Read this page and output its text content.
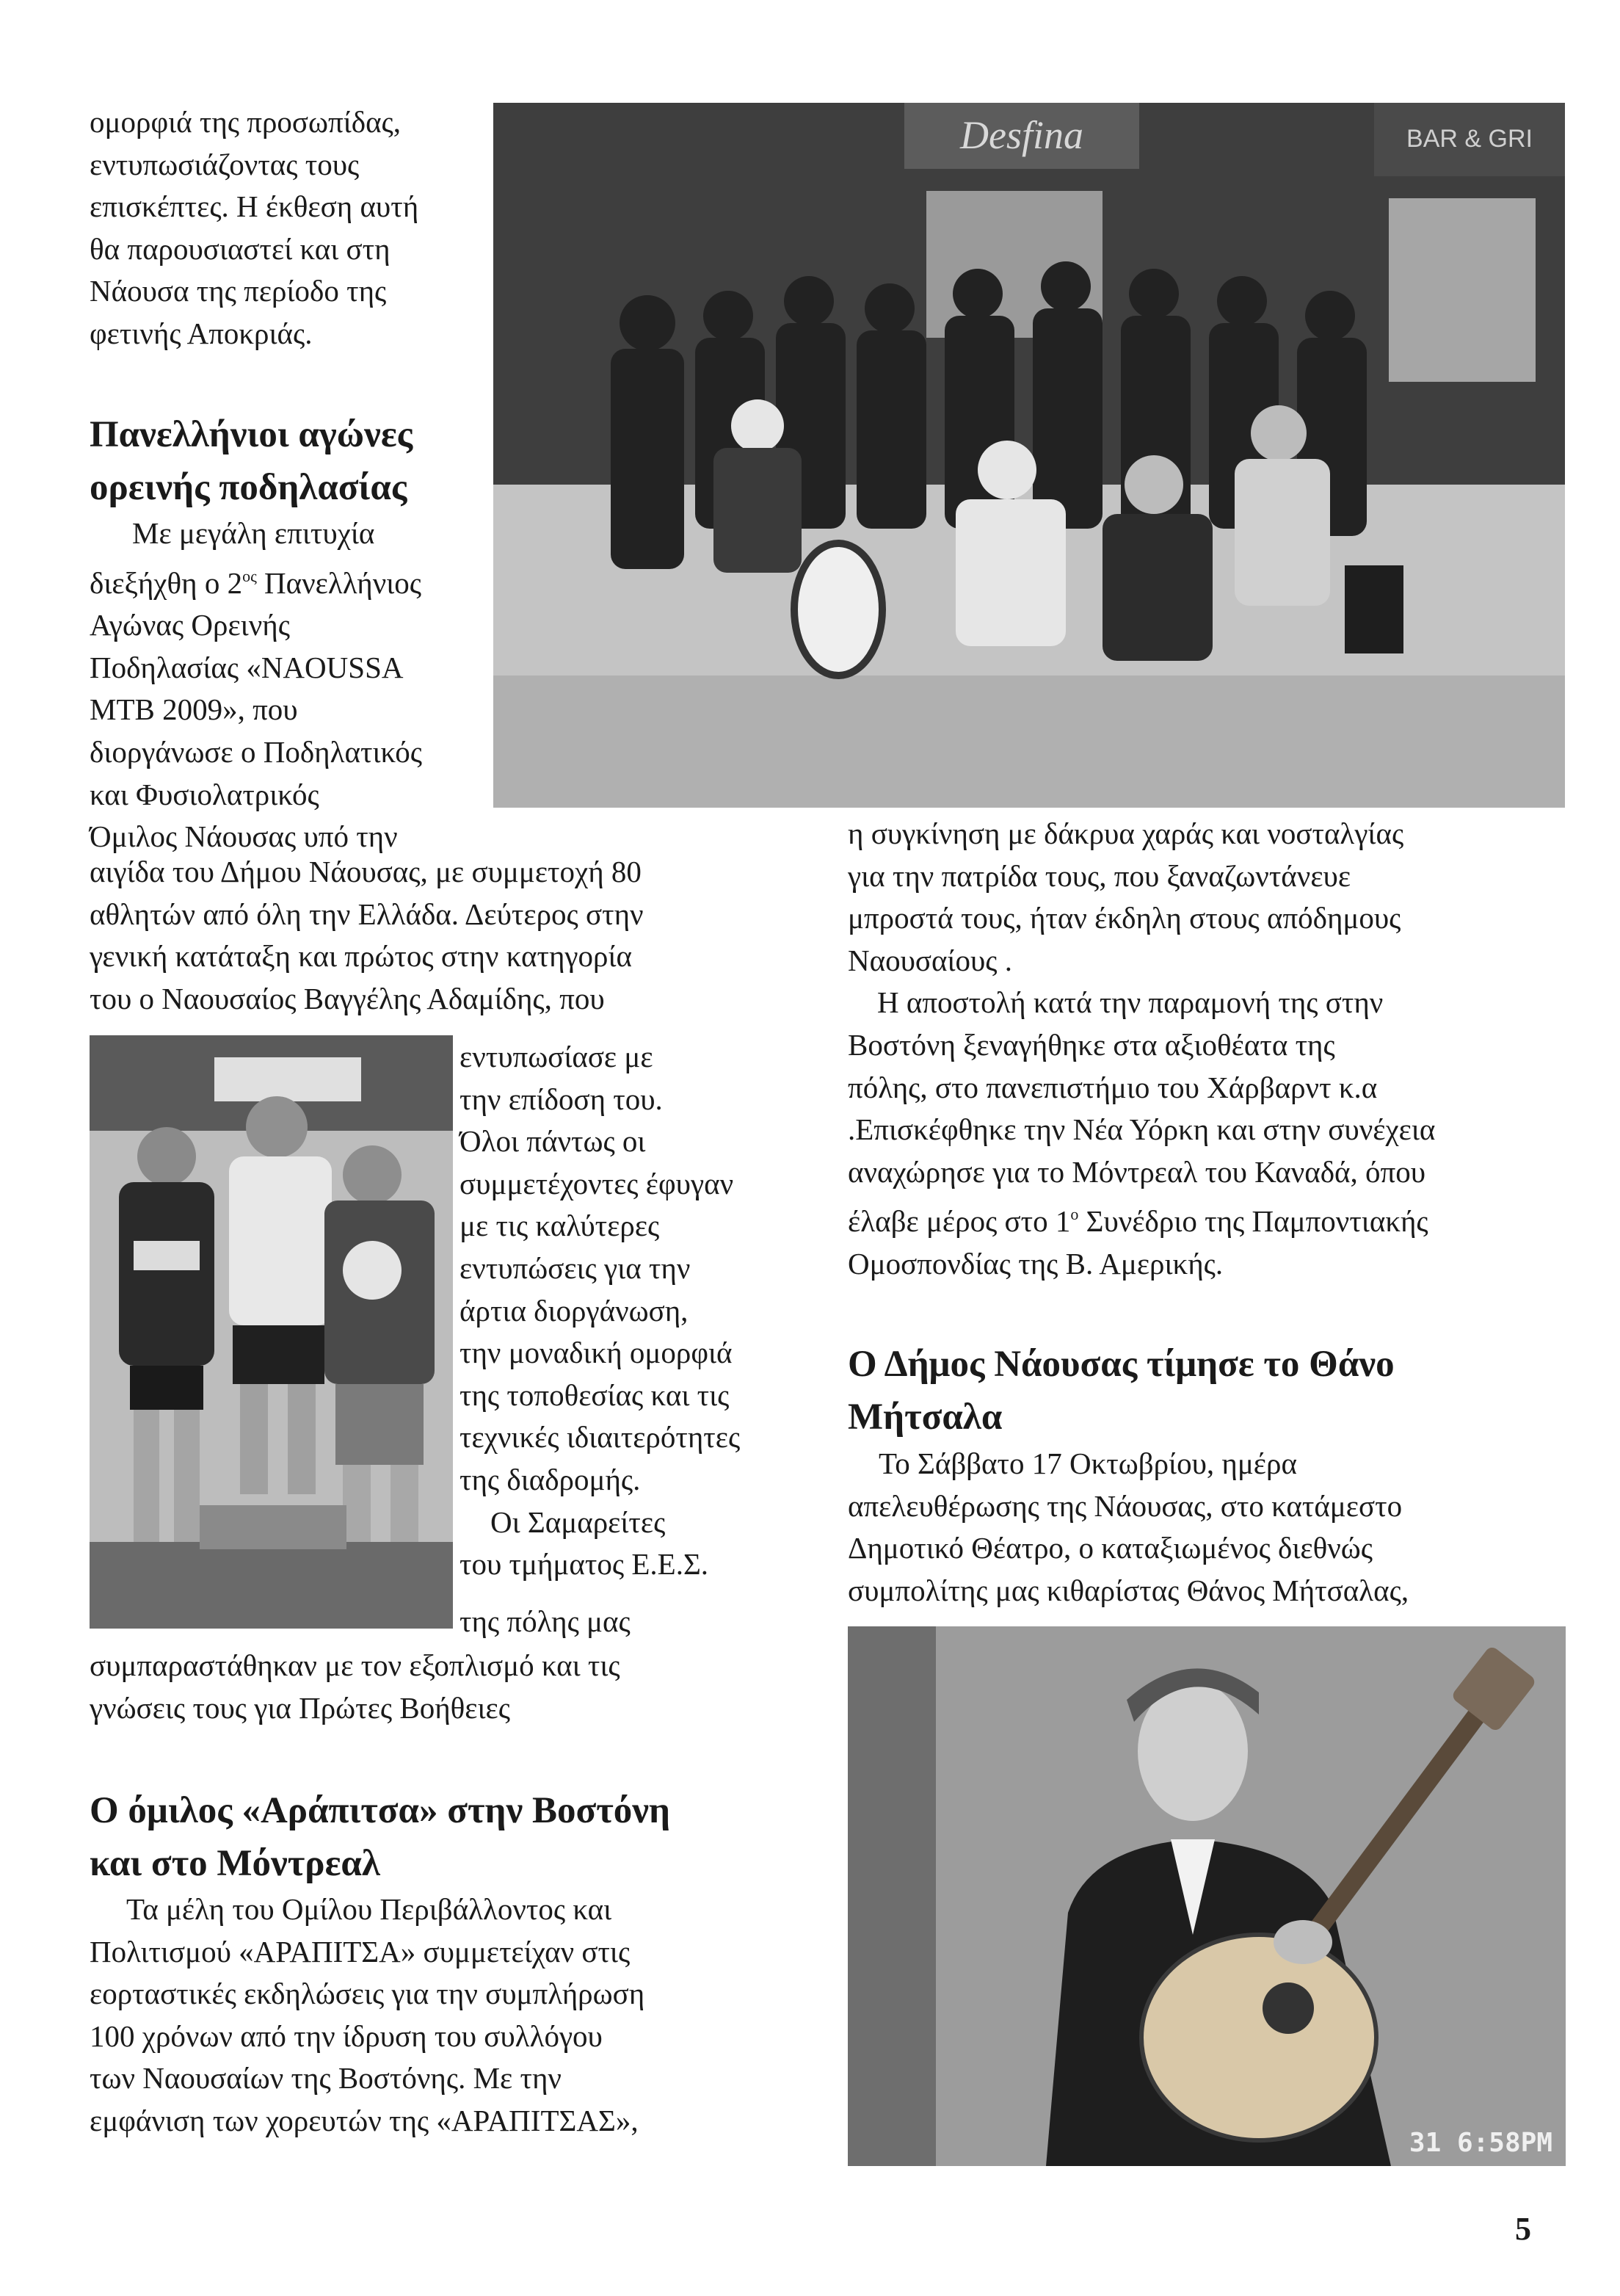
ομορφιά της προσωπίδας,
εντυπωσιάζοντας τους
επισκέπτες. Η έκθεση αυτή
θα παρουσιαστεί και στη
Νάουσα της περίοδο της
φετινής Αποκριάς.
Πανελλήνιοι αγώνες
ορεινής ποδηλασίας
Με μεγάλη επιτυχία
διεξήχθη ο $2^{o\varsigma}$ Πανελλήνιος
Αγώνας Ορεινής
Ποδηλασίας «NAOUSSA
MTB 2009», που
διοργάνωσε ο Ποδηλατικός
και Φυσιολατρικός
Όμιλος Νάουσας υπό την
αιγίδα του Δήμου Νάουσας, με συμμετοχή 80
αθλητών από όλη την Ελλάδα. Δεύτερος στην
γενική κατάταξη και πρώτος στην κατηγορία
του ο Ναουσαίος Βαγγέλης Αδαμίδης, που
εντυπωσίασε με
την επίδοση του.
Όλοι πάντως οι
συμμετέχοντες έφυγαν
με τις καλύτερες
εντυπώσεις για την
άρτια διοργάνωση,
την μοναδική ομορφιά
της τοποθεσίας και τις
τεχνικές ιδιαιτερότητες
της διαδρομής.
Οι Σαμαρείτες
του τμήματος Ε.Ε.Σ.
της πόλης μας
συμπαραστάθηκαν με τον εξοπλισμό και τις
γνώσεις τους για Πρώτες Βοήθειες
Ο όμιλος «Αράπιτσα» στην Βοστόνη
και στο Μόντρεαλ
Τα μέλη του Ομίλου Περιβάλλοντος και
Πολιτισμού «ΑΡΑΠΙΤΣΑ» συμμετείχαν στις
εορταστικές εκδηλώσεις για την συμπλήρωση
100 χρόνων από την ίδρυση του συλλόγου
των Ναουσαίων της Βοστόνης. Με την
εμφάνιση των χορευτών της «ΑΡΑΠΙΤΣΑΣ»,
Desfina	BAR & GRI
η συγκίνηση με δάκρυα χαράς και νοσταλγίας
για την πατρίδα τους, που ξαναζωντάνευε
μπροστά τους, ήταν έκδηλη στους απόδημους
Ναουσαίους .
Η αποστολή κατά την παραμονή της στην
Βοστόνη ξεναγήθηκε στα αξιοθέατα της
πόλης, στο πανεπιστήμιο του Χάρβαρντ κ.α
.Επισκέφθηκε την Νέα Υόρκη και στην συνέχεια
αναχώρησε για το Μόντρεαλ του Καναδά, όπου
έλαβε μέρος στο $1^o$ Συνέδριο της Παμποντιακής
Ομοσπονδίας της Β. Αμερικής.
Ο Δήμος Νάουσας τίμησε το Θάνο
Μήτσαλα
Το Σάββατο 17 Οκτωβρίου, ημέρα
απελευθέρωσης της Νάουσας, στο κατάμεστο
Δημοτικό Θέατρο, ο καταξιωμένος διεθνώς
συμπολίτης μας κιθαρίστας Θάνος Μήτσαλας,
31 6:58PM
5
